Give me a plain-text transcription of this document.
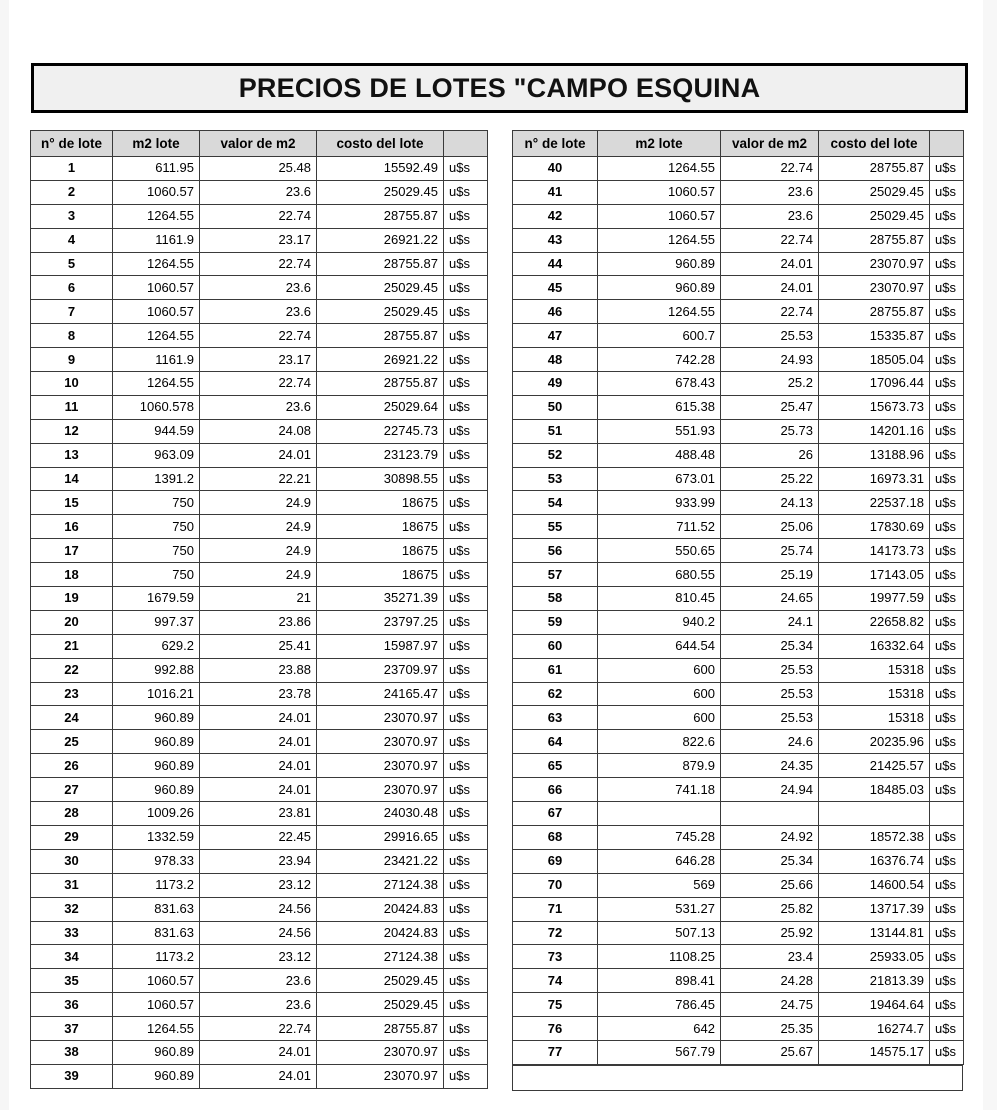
PRECIOS DE LOTES "CAMPO ESQUINA
n° de lote	m2 lote	valor de m2	costo del lote	
1	611.95	25.48	15592.49	u$s
2	1060.57	23.6	25029.45	u$s
3	1264.55	22.74	28755.87	u$s
4	1161.9	23.17	26921.22	u$s
5	1264.55	22.74	28755.87	u$s
6	1060.57	23.6	25029.45	u$s
7	1060.57	23.6	25029.45	u$s
8	1264.55	22.74	28755.87	u$s
9	1161.9	23.17	26921.22	u$s
10	1264.55	22.74	28755.87	u$s
11	1060.578	23.6	25029.64	u$s
12	944.59	24.08	22745.73	u$s
13	963.09	24.01	23123.79	u$s
14	1391.2	22.21	30898.55	u$s
15	750	24.9	18675	u$s
16	750	24.9	18675	u$s
17	750	24.9	18675	u$s
18	750	24.9	18675	u$s
19	1679.59	21	35271.39	u$s
20	997.37	23.86	23797.25	u$s
21	629.2	25.41	15987.97	u$s
22	992.88	23.88	23709.97	u$s
23	1016.21	23.78	24165.47	u$s
24	960.89	24.01	23070.97	u$s
25	960.89	24.01	23070.97	u$s
26	960.89	24.01	23070.97	u$s
27	960.89	24.01	23070.97	u$s
28	1009.26	23.81	24030.48	u$s
29	1332.59	22.45	29916.65	u$s
30	978.33	23.94	23421.22	u$s
31	1173.2	23.12	27124.38	u$s
32	831.63	24.56	20424.83	u$s
33	831.63	24.56	20424.83	u$s
34	1173.2	23.12	27124.38	u$s
35	1060.57	23.6	25029.45	u$s
36	1060.57	23.6	25029.45	u$s
37	1264.55	22.74	28755.87	u$s
38	960.89	24.01	23070.97	u$s
39	960.89	24.01	23070.97	u$s
n° de lote	m2 lote	valor de m2	costo del lote	
40	1264.55	22.74	28755.87	u$s
41	1060.57	23.6	25029.45	u$s
42	1060.57	23.6	25029.45	u$s
43	1264.55	22.74	28755.87	u$s
44	960.89	24.01	23070.97	u$s
45	960.89	24.01	23070.97	u$s
46	1264.55	22.74	28755.87	u$s
47	600.7	25.53	15335.87	u$s
48	742.28	24.93	18505.04	u$s
49	678.43	25.2	17096.44	u$s
50	615.38	25.47	15673.73	u$s
51	551.93	25.73	14201.16	u$s
52	488.48	26	13188.96	u$s
53	673.01	25.22	16973.31	u$s
54	933.99	24.13	22537.18	u$s
55	711.52	25.06	17830.69	u$s
56	550.65	25.74	14173.73	u$s
57	680.55	25.19	17143.05	u$s
58	810.45	24.65	19977.59	u$s
59	940.2	24.1	22658.82	u$s
60	644.54	25.34	16332.64	u$s
61	600	25.53	15318	u$s
62	600	25.53	15318	u$s
63	600	25.53	15318	u$s
64	822.6	24.6	20235.96	u$s
65	879.9	24.35	21425.57	u$s
66	741.18	24.94	18485.03	u$s
67				
68	745.28	24.92	18572.38	u$s
69	646.28	25.34	16376.74	u$s
70	569	25.66	14600.54	u$s
71	531.27	25.82	13717.39	u$s
72	507.13	25.92	13144.81	u$s
73	1108.25	23.4	25933.05	u$s
74	898.41	24.28	21813.39	u$s
75	786.45	24.75	19464.64	u$s
76	642	25.35	16274.7	u$s
77	567.79	25.67	14575.17	u$s
